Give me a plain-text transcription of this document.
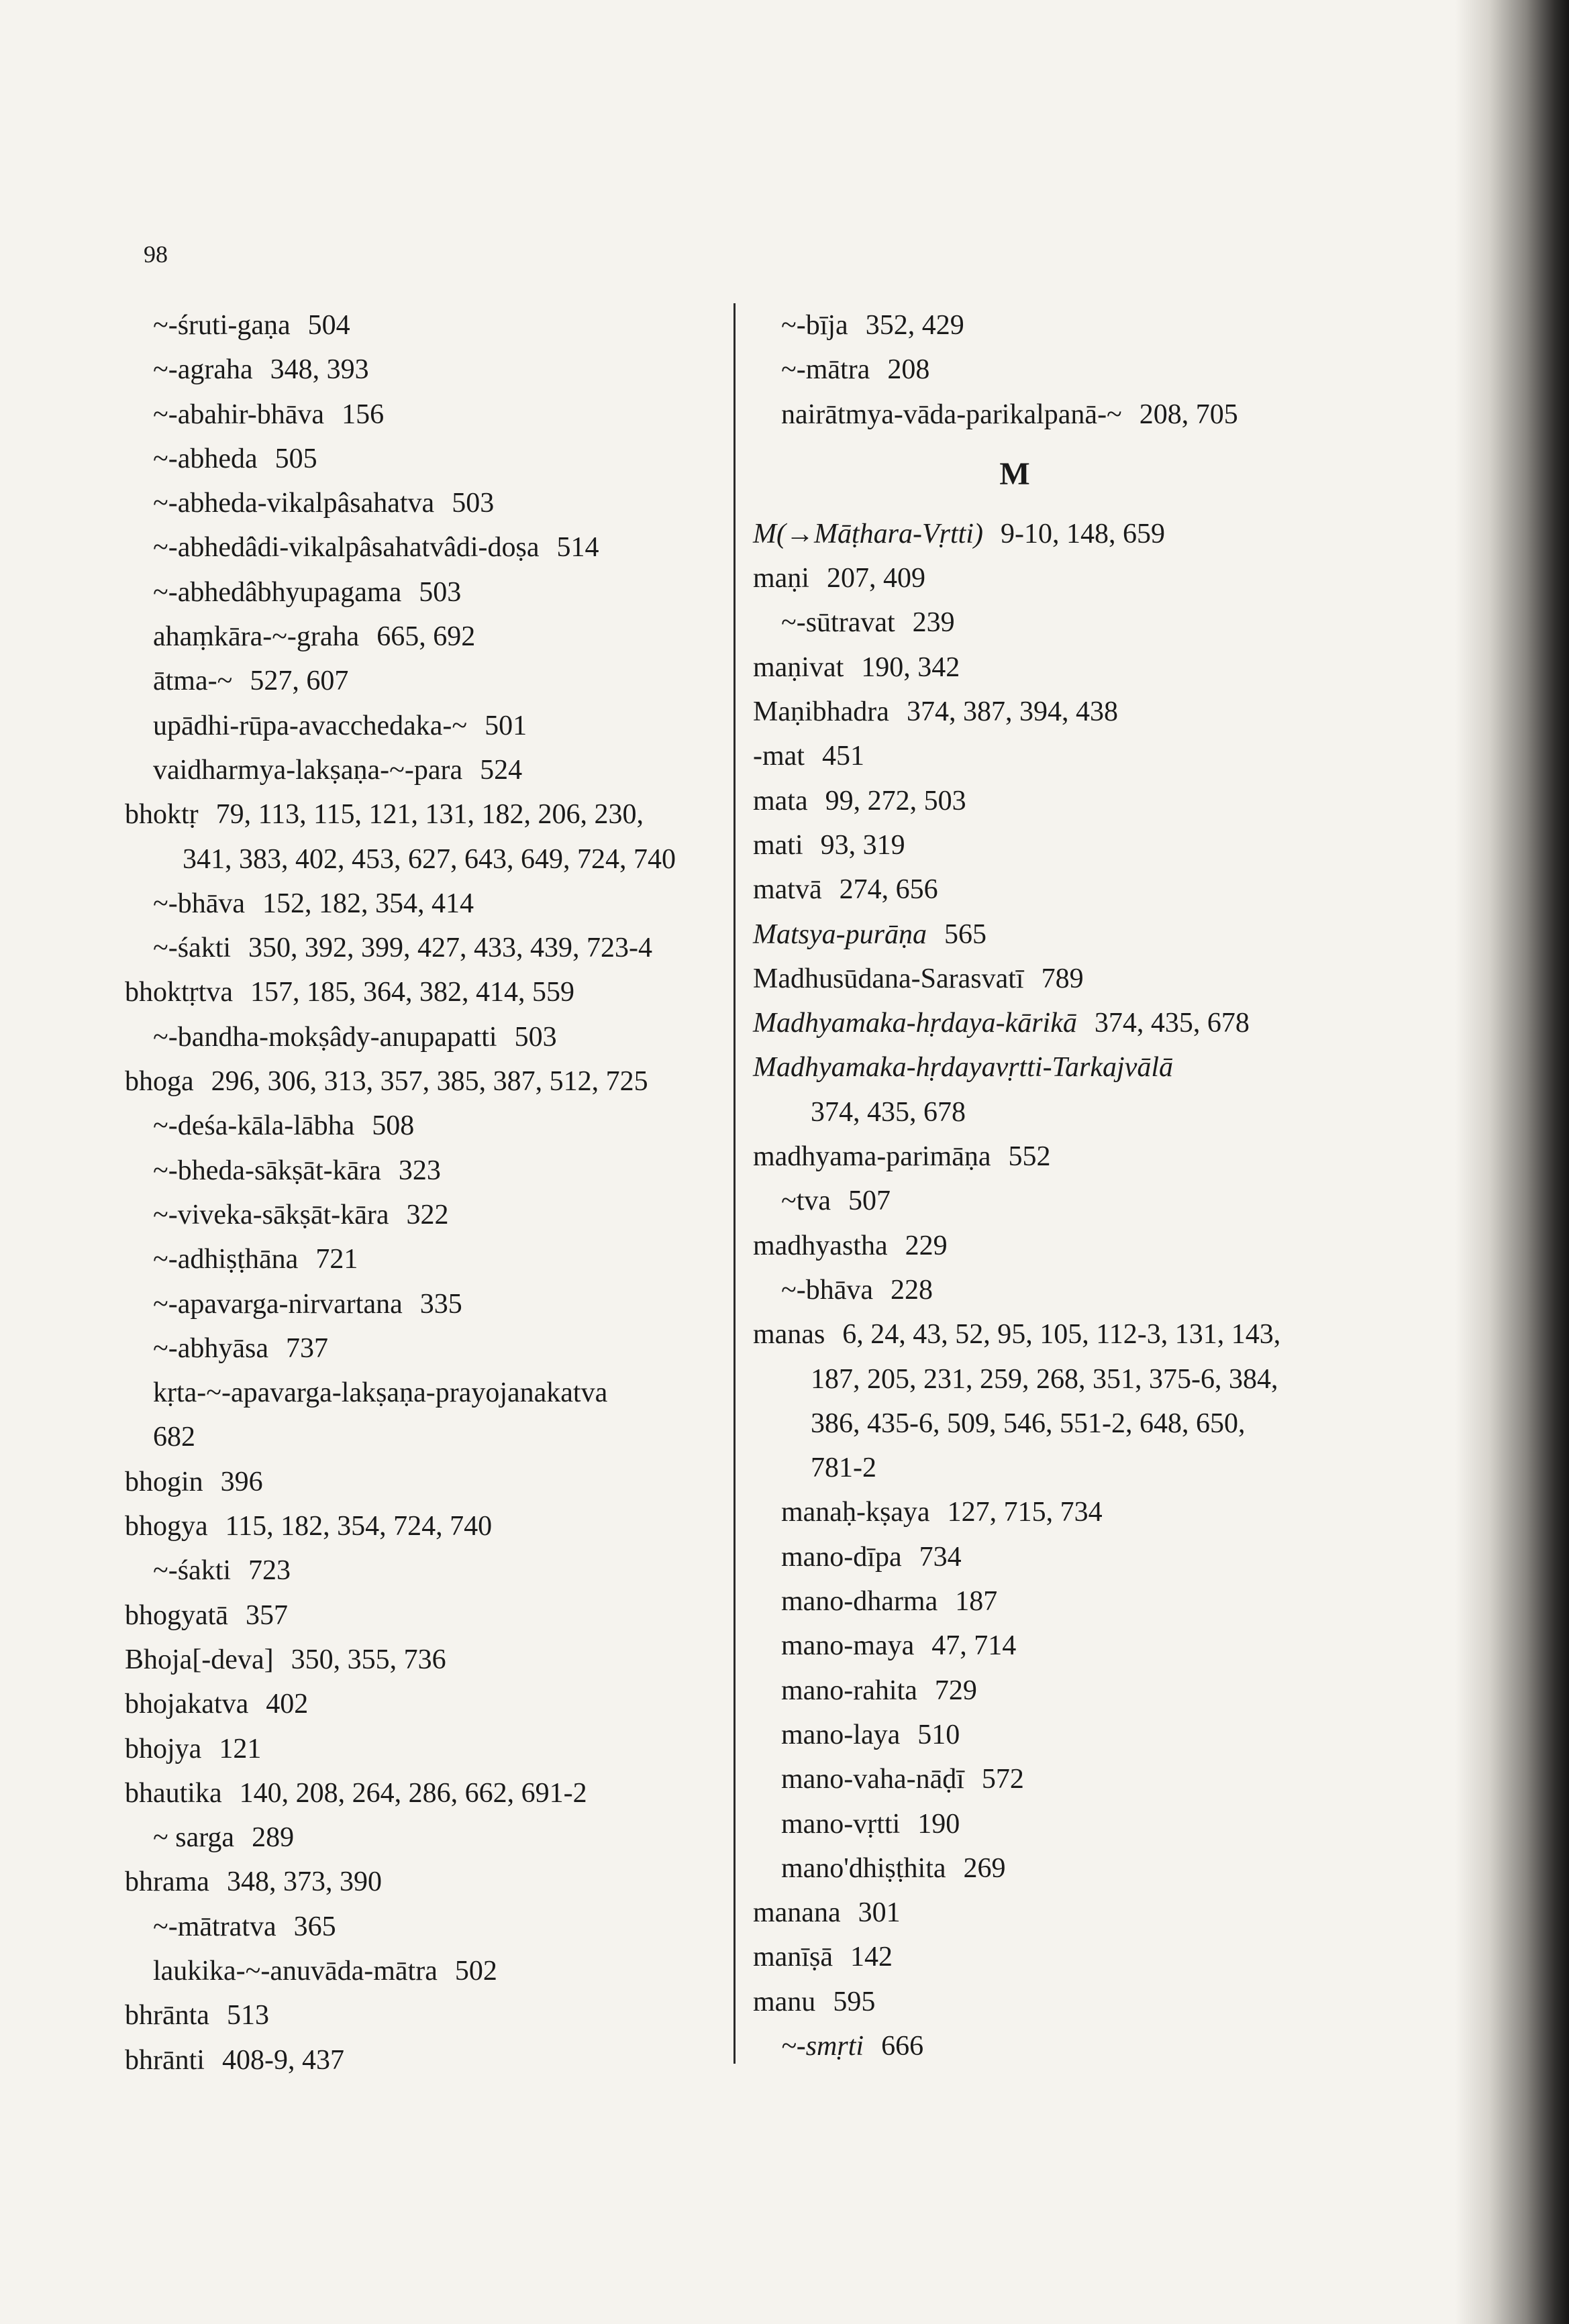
98
~-śruti-gaṇa 504
~-agraha 348, 393
~-abahir-bhāva 156
~-abheda 505
~-abheda-vikalpâsahatva 503
~-abhedâdi-vikalpâsahatvâdi-doṣa 514
~-abhedâbhyupagama 503
ahaṃkāra-~-graha 665, 692
ātma-~ 527, 607
upādhi-rūpa-avacchedaka-~ 501
vaidharmya-lakṣaṇa-~-para 524
bhoktṛ 79, 113, 115, 121, 131, 182, 206, 230,
341, 383, 402, 453, 627, 643, 649, 724, 740
~-bhāva 152, 182, 354, 414
~-śakti 350, 392, 399, 427, 433, 439, 723-4
bhoktṛtva 157, 185, 364, 382, 414, 559
~-bandha-mokṣâdy-anupapatti 503
bhoga 296, 306, 313, 357, 385, 387, 512, 725
~-deśa-kāla-lābha 508
~-bheda-sākṣāt-kāra 323
~-viveka-sākṣāt-kāra 322
~-adhiṣṭhāna 721
~-apavarga-nirvartana 335
~-abhyāsa 737
kṛta-~-apavarga-lakṣaṇa-prayojanakatva
682
bhogin 396
bhogya 115, 182, 354, 724, 740
~-śakti 723
bhogyatā 357
Bhoja[-deva] 350, 355, 736
bhojakatva 402
bhojya 121
bhautika 140, 208, 264, 286, 662, 691-2
~ sarga 289
bhrama 348, 373, 390
~-mātratva 365
laukika-~-anuvāda-mātra 502
bhrānta 513
bhrānti 408-9, 437
~-bīja 352, 429
~-mātra 208
nairātmya-vāda-parikalpanā-~ 208, 705
M
M(→Māṭhara-Vṛtti) 9-10, 148, 659
maṇi 207, 409
~-sūtravat 239
maṇivat 190, 342
Maṇibhadra 374, 387, 394, 438
-mat 451
mata 99, 272, 503
mati 93, 319
matvā 274, 656
Matsya-purāṇa 565
Madhusūdana-Sarasvatī 789
Madhyamaka-hṛdaya-kārikā 374, 435, 678
Madhyamaka-hṛdayavṛtti-Tarkajvālā
374, 435, 678
madhyama-parimāṇa 552
~tva 507
madhyastha 229
~-bhāva 228
manas 6, 24, 43, 52, 95, 105, 112-3, 131, 143,
187, 205, 231, 259, 268, 351, 375-6, 384,
386, 435-6, 509, 546, 551-2, 648, 650,
781-2
manaḥ-kṣaya 127, 715, 734
mano-dīpa 734
mano-dharma 187
mano-maya 47, 714
mano-rahita 729
mano-laya 510
mano-vaha-nāḍī 572
mano-vṛtti 190
mano'dhiṣṭhita 269
manana 301
manīṣā 142
manu 595
~-smṛti 666
